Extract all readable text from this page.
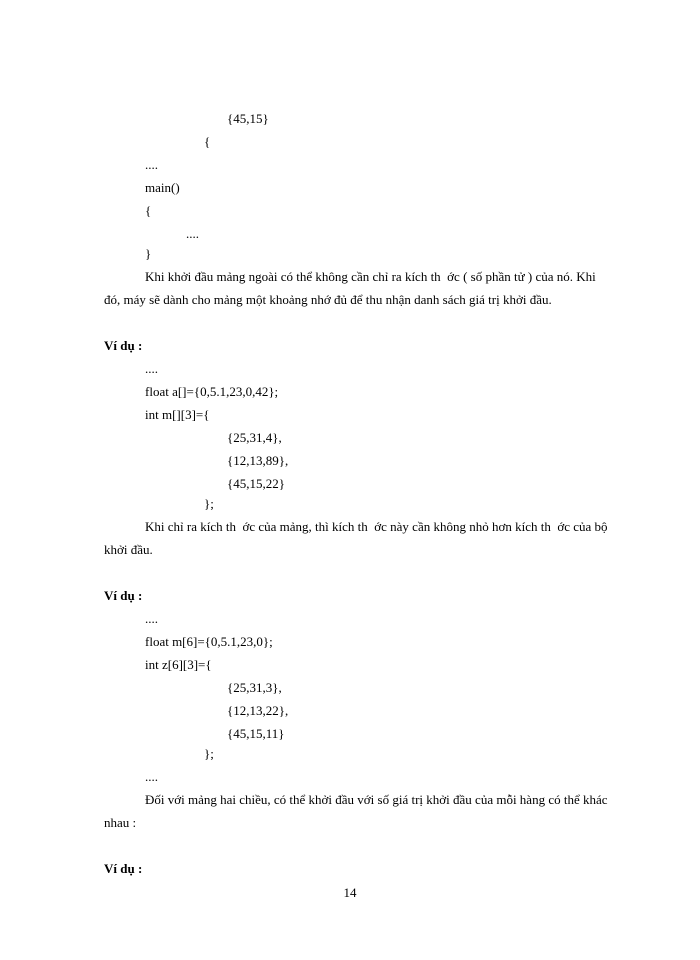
{45,15}
{
....
main()
{
....
}
Khi khởi đầu mảng ngoài có thể không cần chỉ ra kích th  ớc ( số phần tử ) của nó. Khi
đó, máy sẽ dành cho mảng một khoảng nhớ đủ để thu nhận danh sách giá trị khởi đầu.
Ví dụ :
....
float a[]={0,5.1,23,0,42};
int m[][3]={
{25,31,4},
{12,13,89},
{45,15,22}
};
Khi chỉ ra kích th  ớc của mảng, thì kích th  ớc này cần không nhỏ hơn kích th  ớc của bộ
khởi đầu.
Ví dụ :
....
float m[6]={0,5.1,23,0};
int z[6][3]={
{25,31,3},
{12,13,22},
{45,15,11}
};
....
Đối với mảng hai chiều, có thể khởi đầu với số giá trị khởi đầu của mỗi hàng có thể khác
nhau :
Ví dụ :
14
